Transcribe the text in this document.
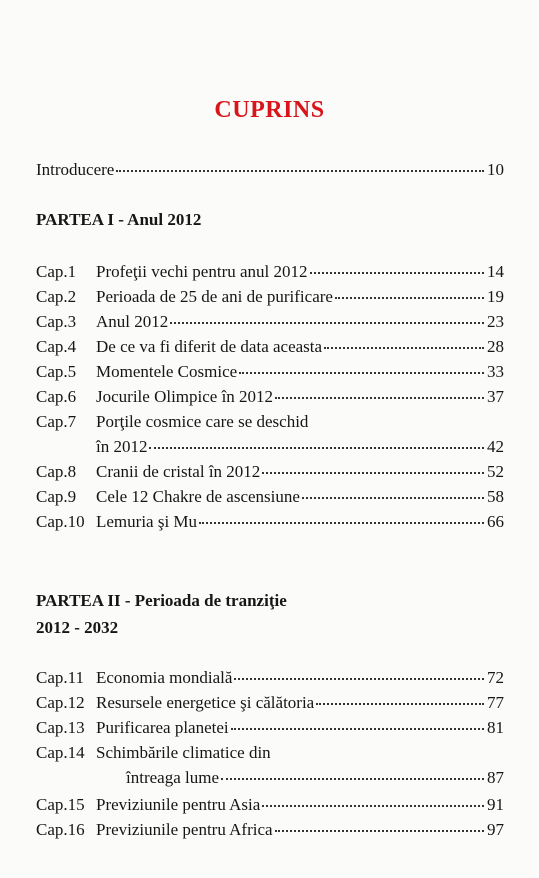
CUPRINS
Introducere	10
PARTEA I - Anul 2012
Cap.1	Profeţii vechi pentru anul 2012	14
Cap.2	Perioada de 25 de ani de purificare	19
Cap.3	Anul 2012	23
Cap.4	De ce va fi diferit de data aceasta	28
Cap.5	Momentele Cosmice	33
Cap.6	Jocurile Olimpice în 2012	37
Cap.7	Porţile cosmice care se deschid
în 2012	42
Cap.8	Cranii de cristal în 2012	52
Cap.9	Cele 12 Chakre de ascensiune	58
Cap.10 Lemuria şi Mu	66
PARTEA II - Perioada de tranziţie
2012 - 2032
Cap.11 Economia mondială	72
Cap.12 Resursele energetice şi călătoria	77
Cap.13 Purificarea planetei	81
Cap.14 Schimbările climatice din
întreaga lume	87
Cap.15 Previziunile pentru Asia	91
Cap.16 Previziunile pentru Africa	97
